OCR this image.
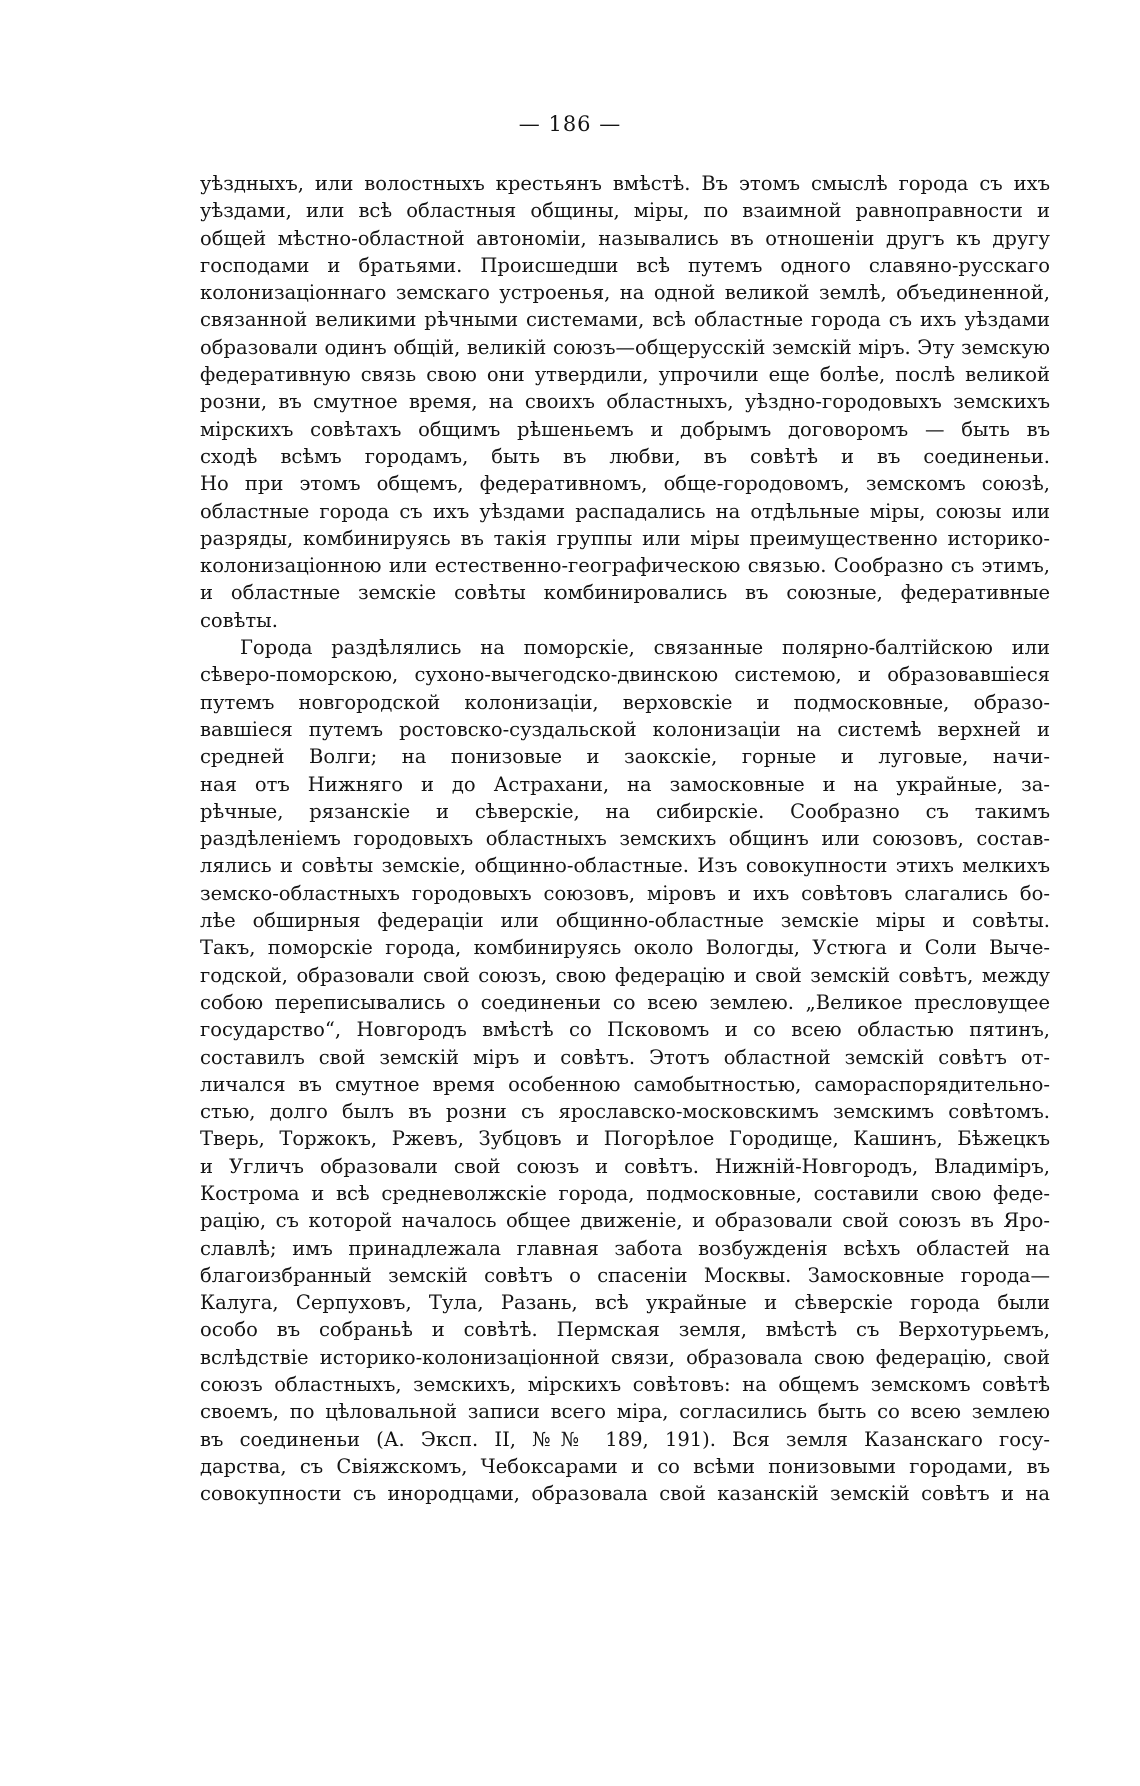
— 186 —
уѣздныхъ, или волостныхъ крестьянъ вмѣстѣ. Въ этомъ смыслѣ города съ ихъ
уѣздами, или всѣ областныя общины, міры, по взаимной равноправности и
общей мѣстно-областной автономіи, назывались въ отношеніи другъ къ другу
господами и братьями. Происшедши всѣ путемъ одного славяно-русскаго
колонизаціоннаго земскаго устроенья, на одной великой землѣ, объединенной,
связанной великими рѣчными системами, всѣ областные города съ ихъ уѣздами
образовали одинъ общій, великій союзъ—общерусскій земскій міръ. Эту земскую
федеративную связь свою они утвердили, упрочили еще болѣе, послѣ великой
розни, въ смутное время, на своихъ областныхъ, уѣздно-городовыхъ земскихъ
мірскихъ совѣтахъ общимъ рѣшеньемъ и добрымъ договоромъ — быть въ
сходѣ всѣмъ городамъ, быть въ любви, въ совѣтѣ и въ соединеньи.
Но при этомъ общемъ, федеративномъ, обще-городовомъ, земскомъ союзѣ,
областные города съ ихъ уѣздами распадались на отдѣльные міры, союзы или
разряды, комбинируясь въ такія группы или міры преимущественно историко-
колонизаціонною или естественно-географическою связью. Сообразно съ этимъ,
и областные земскіе совѣты комбинировались въ союзные, федеративные
совѣты.
Города раздѣлялись на поморскіе, связанные полярно-балтійскою или
сѣверо-поморскою, сухоно-вычегодско-двинскою системою, и образовавшіеся
путемъ новгородской колонизаціи, верховскіе и подмосковные, образо-
вавшіеся путемъ ростовско-суздальской колонизаціи на системѣ верхней и
средней Волги; на понизовые и заокскіе, горные и луговые, начи-
ная отъ Нижняго и до Астрахани, на замосковные и на украйные, за-
рѣчные, рязанскіе и сѣверскіе, на сибирскіе. Сообразно съ такимъ
раздѣленіемъ городовыхъ областныхъ земскихъ общинъ или союзовъ, состав-
лялись и совѣты земскіе, общинно-областные. Изъ совокупности этихъ мелкихъ
земско-областныхъ городовыхъ союзовъ, міровъ и ихъ совѣтовъ слагались бо-
лѣе обширныя федераціи или общинно-областные земскіе міры и совѣты.
Такъ, поморскіе города, комбинируясь около Вологды, Устюга и Соли Выче-
годской, образовали свой союзъ, свою федерацію и свой земскій совѣтъ, между
собою переписывались о соединеньи со всею землею. „Великое пресловущее
государство“, Новгородъ вмѣстѣ со Псковомъ и со всею областью пятинъ,
составилъ свой земскій міръ и совѣтъ. Этотъ областной земскій совѣтъ от-
личался въ смутное время особенною самобытностью, самораспорядительно-
стью, долго былъ въ розни съ ярославско-московскимъ земскимъ совѣтомъ.
Тверь, Торжокъ, Ржевъ, Зубцовъ и Погорѣлое Городище, Кашинъ, Бѣжецкъ
и Угличъ образовали свой союзъ и совѣтъ. Нижній-Новгородъ, Владиміръ,
Кострома и всѣ средневолжскіе города, подмосковные, составили свою феде-
рацію, съ которой началось общее движеніе, и образовали свой союзъ въ Яро-
славлѣ; имъ принадлежала главная забота возбужденія всѣхъ областей на
благоизбранный земскій совѣтъ о спасеніи Москвы. Замосковные города—
Калуга, Серпуховъ, Тула, Разань, всѣ украйные и сѣверскіе города были
особо въ собраньѣ и совѣтѣ. Пермская земля, вмѣстѣ съ Верхотурьемъ,
вслѣдствіе историко-колонизаціонной связи, образовала свою федерацію, свой
союзъ областныхъ, земскихъ, мірскихъ совѣтовъ: на общемъ земскомъ совѣтѣ
своемъ, по цѣловальной записи всего міра, согласились быть со всею землею
въ соединеньи (А. Эксп. II, №№ 189, 191). Вся земля Казанскаго госу-
дарства, съ Свіяжскомъ, Чебоксарами и со всѣми понизовыми городами, въ
совокупности съ инородцами, образовала свой казанскій земскій совѣтъ и на
